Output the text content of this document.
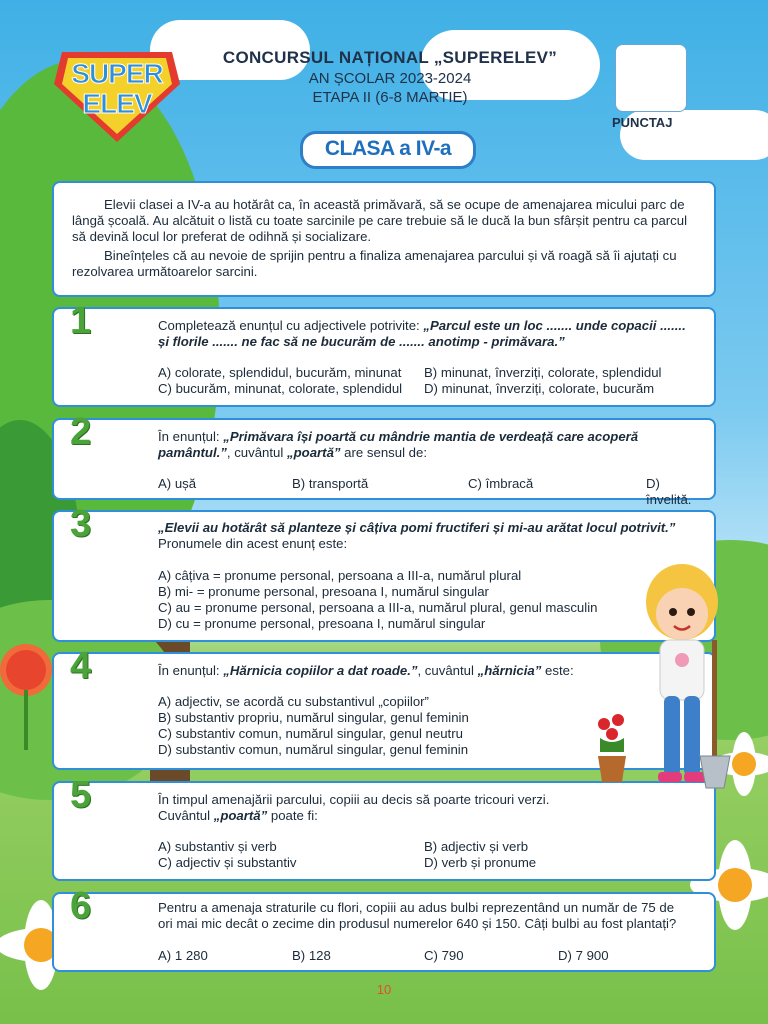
SUPER
ELEV
CONCURSUL NAȚIONAL „SUPERELEV”
AN ȘCOLAR 2023-2024
ETAPA II (6-8 MARTIE)
PUNCTAJ
CLASA a IV-a

Elevii clasei a IV-a au hotărât ca, în această primăvară, să se ocupe de amenajarea micului parc de lângă școală. Au alcătuit o listă cu toate sarcinile pe care trebuie să le ducă la bun sfârșit pentru ca parcul să devină locul lor preferat de odihnă și socializare.

Bineînțeles că au nevoie de sprijin pentru a finaliza amenajarea parcului și vă roagă să îi ajutați cu rezolvarea următoarelor sarcini.

1	Completează enunțul cu adjectivele potrivite: „Parcul este un loc ....... unde copacii ....... și florile ....... ne fac să ne bucurăm de ....... anotimp - primăvara.”
A) colorate, splendidul, bucurăm, minunat	B) minunat, înverziți, colorate, splendidul
C) bucurăm, minunat, colorate, splendidul	D) minunat, înverziți, colorate, bucurăm
2	În enunțul: „Primăvara își poartă cu mândrie mantia de verdeață care acoperă pamântul.”, cuvântul „poartă” are sensul de:
A) ușă	B) transportă	C) îmbracă	D) învelită.
3	„Elevii au hotărât să planteze și câțiva pomi fructiferi și mi-au arătat locul potrivit.”
Pronumele din acest enunț este:
A) câțiva = pronume personal, persoana a III-a, numărul plural
B) mi- = pronume personal, presoana I, numărul singular
C) au = pronume personal, persoana a III-a, numărul plural, genul masculin
D) cu = pronume personal, presoana I, numărul singular
4	În enunțul: „Hărnicia copiilor a dat roade.”, cuvântul „hărnicia” este:
A) adjectiv, se acordă cu substantivul „copiilor”
B) substantiv propriu, numărul singular, genul feminin
C) substantiv comun, numărul singular, genul neutru
D) substantiv comun, numărul singular, genul feminin
5	În timpul amenajării parcului, copiii au decis să poarte tricouri verzi.
Cuvântul „poartă” poate fi:
A) substantiv și verb	B) adjectiv și verb
C) adjectiv și substantiv	D) verb și pronume
6	Pentru a amenaja straturile cu flori, copiii au adus bulbi reprezentând un număr de 75 de ori mai mic decât o zecime din produsul numerelor 640 și 150. Câți bulbi au fost plantați?
A) 1 280	B) 128	C) 790	D) 7 900
10
